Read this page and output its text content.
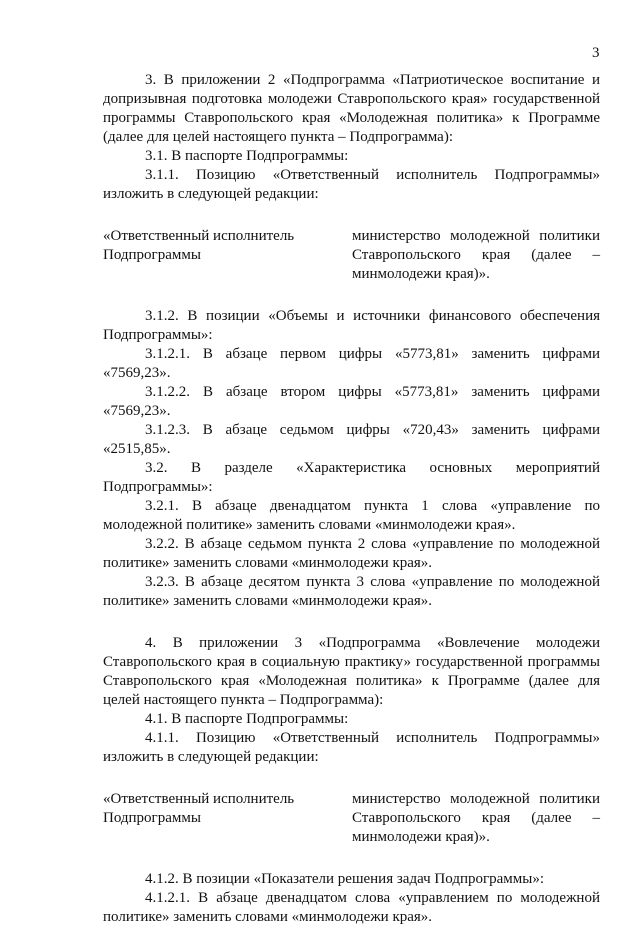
3

3. В приложении 2 «Подпрограмма «Патриотическое воспитание и допризывная подготовка молодежи Ставропольского края» государственной программы Ставропольского края «Молодежная политика» к Программе (далее для целей настоящего пункта – Подпрограмма):

3.1. В паспорте Подпрограммы:

3.1.1. Позицию «Ответственный исполнитель Подпрограммы» изложить в следующей редакции:

«Ответственный исполнитель Подпрограммы
министерство молодежной политики Ставропольского края (далее – минмолодежи края)».

3.1.2. В позиции «Объемы и источники финансового обеспечения Подпрограммы»:

3.1.2.1. В абзаце первом цифры «5773,81» заменить цифрами «7569,23».

3.1.2.2. В абзаце втором цифры «5773,81» заменить цифрами «7569,23».

3.1.2.3. В абзаце седьмом цифры «720,43» заменить цифрами «2515,85».

3.2. В разделе «Характеристика основных мероприятий Подпрограммы»:

3.2.1. В абзаце двенадцатом пункта 1 слова «управление по молодежной политике» заменить словами «минмолодежи края».

3.2.2. В абзаце седьмом пункта 2 слова «управление по молодежной политике» заменить словами «минмолодежи края».

3.2.3. В абзаце десятом пункта 3 слова «управление по молодежной политике» заменить словами «минмолодежи края».

4. В приложении 3 «Подпрограмма «Вовлечение молодежи Ставропольского края в социальную практику» государственной программы Ставропольского края «Молодежная политика» к Программе (далее для целей настоящего пункта – Подпрограмма):

4.1. В паспорте Подпрограммы:

4.1.1. Позицию «Ответственный исполнитель Подпрограммы» изложить в следующей редакции:

«Ответственный исполнитель Подпрограммы
министерство молодежной политики Ставропольского края (далее – минмолодежи края)».

4.1.2. В позиции «Показатели решения задач Подпрограммы»:

4.1.2.1. В абзаце двенадцатом слова «управлением по молодежной политике» заменить словами «минмолодежи края».
